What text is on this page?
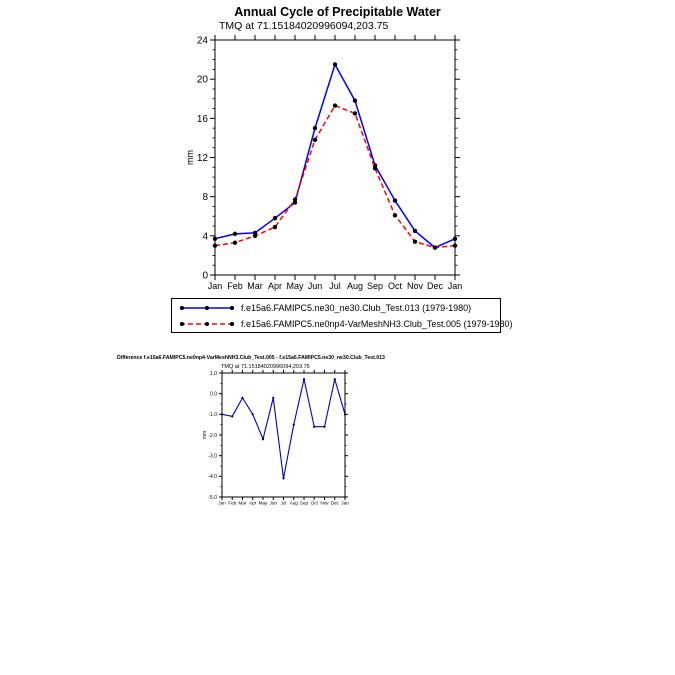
Annual Cycle of Precipitable Water
TMQ at 71.15184020996094,203.75
0
4
8
12
16
20
24
Jan Feb Mar Apr May Jun Jul Aug Sep Oct Nov Dec Jan
mm
f.e15a6.FAMIPC5.ne30_ne30.Club_Test.013 (1979-1980)
f.e15a6.FAMIPC5.ne0np4-VarMeshNH3.Club_Test.005 (1979-1980)
Difference f.e15a6.FAMIPC5.ne0np4-VarMeshNH3.Club_Test.005 - f.e15a6.FAMIPC5.ne30_ne30.Club_Test.013
TMQ at 71.15184020996094,203.75
1.0
0.0
-1.0
-2.0
-3.0
-4.0
-5.0
Jan Feb Mar Apr May Jun Jul Aug Sep Oct Nov Dec Jan
mm
